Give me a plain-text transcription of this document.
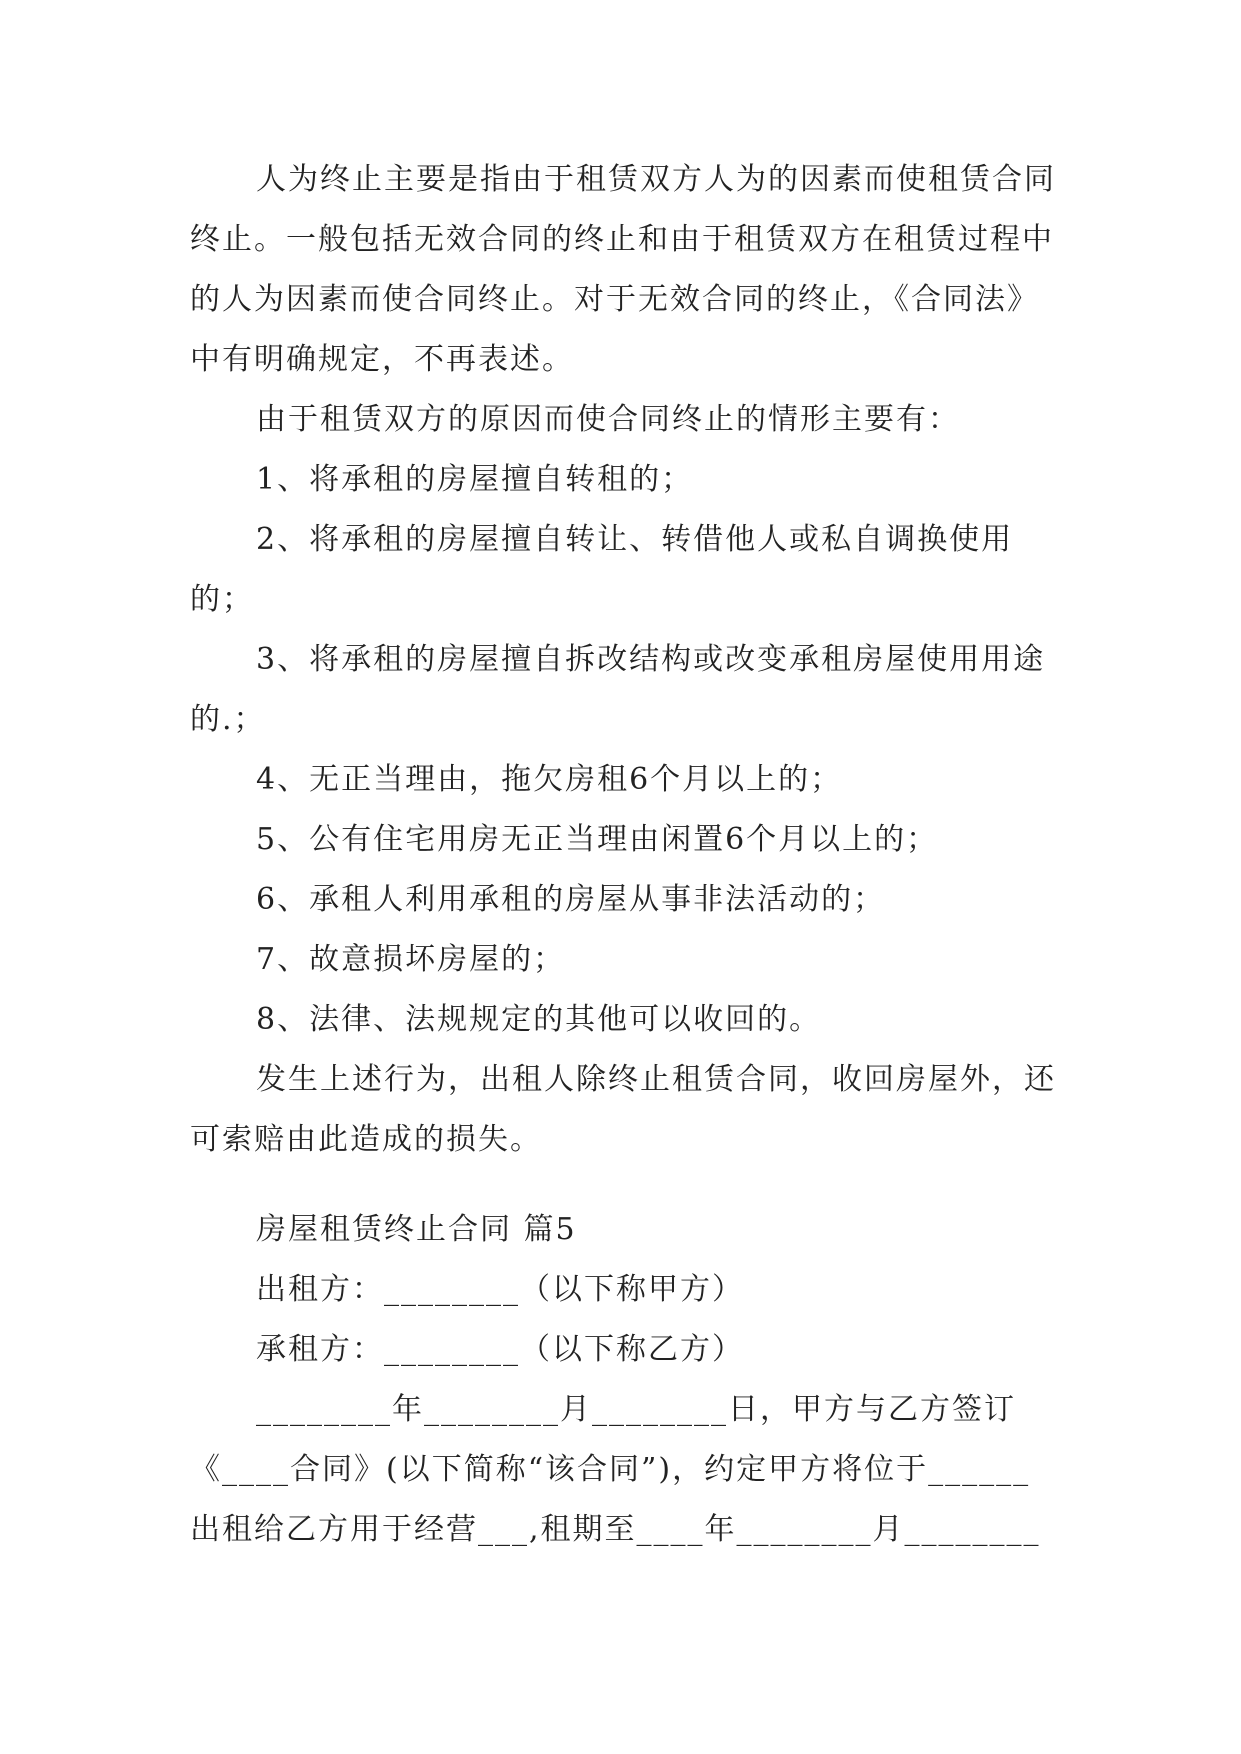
人为终止主要是指由于租赁双方人为的因素而使租赁合同终止。一般包括无效合同的终止和由于租赁双方在租赁过程中的人为因素而使合同终止。对于无效合同的终止，《合同法》中有明确规定，不再表述。

由于租赁双方的原因而使合同终止的情形主要有：

1、将承租的房屋擅自转租的；

2、将承租的房屋擅自转让、转借他人或私自调换使用的；

3、将承租的房屋擅自拆改结构或改变承租房屋使用用途的.；

4、无正当理由，拖欠房租6个月以上的；

5、公有住宅用房无正当理由闲置6个月以上的；

6、承租人利用承租的房屋从事非法活动的；

7、故意损坏房屋的；

8、法律、法规规定的其他可以收回的。

发生上述行为，出租人除终止租赁合同，收回房屋外，还可索赔由此造成的损失。

房屋租赁终止合同 篇5

出租方：________（以下称甲方）

承租方：________（以下称乙方）

________年________月________日，甲方与乙方签订

《____合同》(以下简称“该合同”)，约定甲方将位于______

出租给乙方用于经营___,租期至____年________月________
